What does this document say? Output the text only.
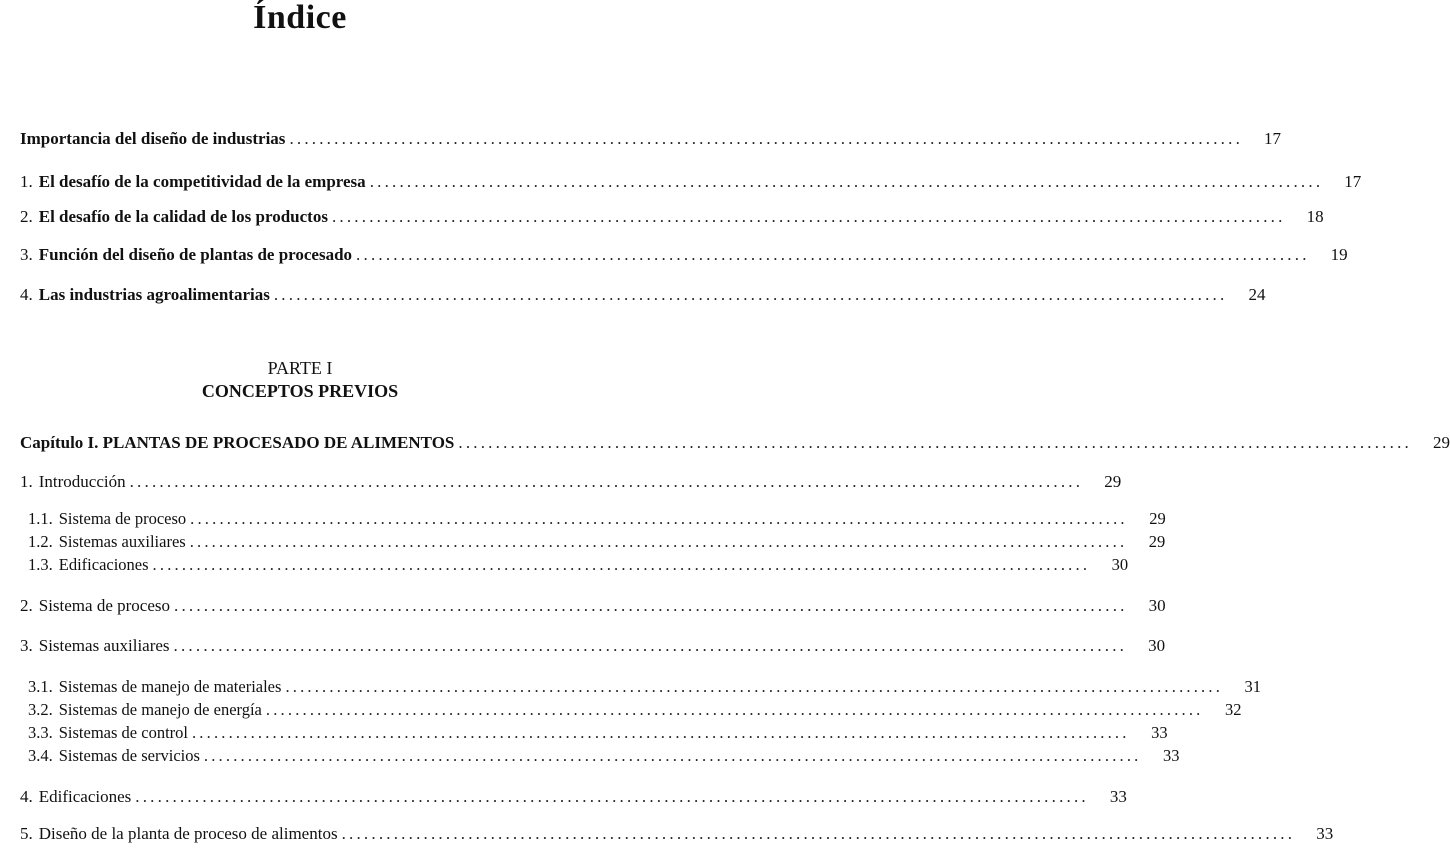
Índice
Importancia del diseño de industrias ................................................................................................................................	17
1. El desafío de la competitividad de la empresa ................................................................................................................................	17
2. El desafío de la calidad de los productos ................................................................................................................................	18
3. Función del diseño de plantas de procesado ................................................................................................................................	19
4. Las industrias agroalimentarias ................................................................................................................................	24
PARTE I
CONCEPTOS PREVIOS
Capítulo I. PLANTAS DE PROCESADO DE ALIMENTOS ................................................................................................................................	29
1. Introducción ................................................................................................................................	29
1.1. Sistema de proceso ................................................................................................................................	29
1.2. Sistemas auxiliares ................................................................................................................................	29
1.3. Edificaciones ................................................................................................................................	30
2. Sistema de proceso ................................................................................................................................	30
3. Sistemas auxiliares ................................................................................................................................	30
3.1. Sistemas de manejo de materiales ................................................................................................................................	31
3.2. Sistemas de manejo de energía ................................................................................................................................	32
3.3. Sistemas de control ................................................................................................................................	33
3.4. Sistemas de servicios ................................................................................................................................	33
4. Edificaciones ................................................................................................................................	33
5. Diseño de la planta de proceso de alimentos ................................................................................................................................	33
